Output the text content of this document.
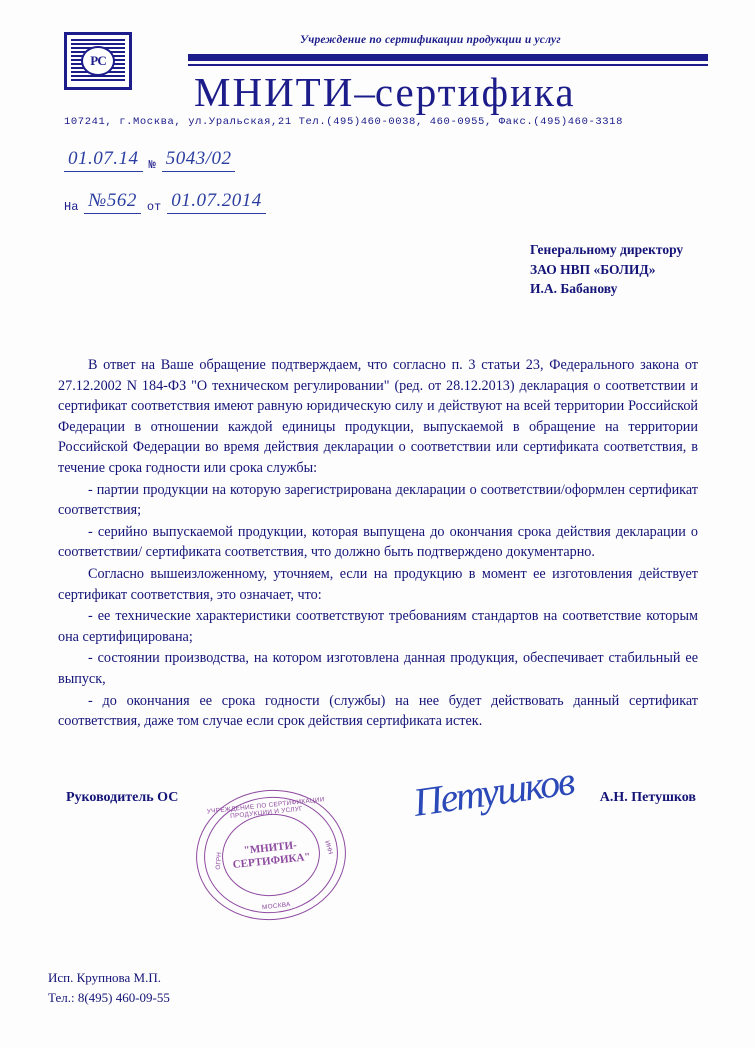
РС
Учреждение по сертификации продукции и услуг
МНИТИ–сертифика
107241, г.Москва, ул.Уральская,21 Тел.(495)460-0038, 460-0955, Факс.(495)460-3318
01.07.14 № 5043/02
На №562 от 01.07.2014
Генеральному директору
ЗАО НВП «БОЛИД»
И.А. Бабанову

В ответ на Ваше обращение подтверждаем, что согласно п. 3 статьи 23, Федерального закона от 27.12.2002 N 184-ФЗ "О техническом регулировании" (ред. от 28.12.2013) декларация о соответствии и сертификат соответствия имеют равную юридическую силу и действуют на всей территории Российской Федерации в отношении каждой единицы продукции, выпускаемой в обращение на территории Российской Федерации во время действия декларации о соответствии или сертификата соответствия, в течение срока годности или срока службы:

- партии продукции на которую зарегистрирована декларации о соответствии/оформлен сертификат соответствия;

- серийно выпускаемой продукции, которая выпущена до окончания срока действия декларации о соответствии/ сертификата соответствия, что должно быть подтверждено документарно.

Согласно вышеизложенному, уточняем, если на продукцию в момент ее изготовления действует сертификат соответствия, это означает, что:

- ее технические характеристики соответствуют требованиям стандартов на соответствие которым она сертифицирована;

- состоянии производства, на котором изготовлена данная продукция, обеспечивает стабильный ее выпуск,

- до окончания ее срока годности (службы) на нее будет действовать данный сертификат соответствия, даже том случае если срок действия сертификата истек.

Руководитель ОС	Петушков А.Н. Петушков
УЧРЕЖДЕНИЕ ПО СЕРТИФИКАЦИИ ПРОДУКЦИИ И УСЛУГ
"МНИТИ-СЕРТИФИКА"
ОГРН
ИНН
МОСКВА
Исп. Крупнова М.П.
Тел.: 8(495) 460-09-55
